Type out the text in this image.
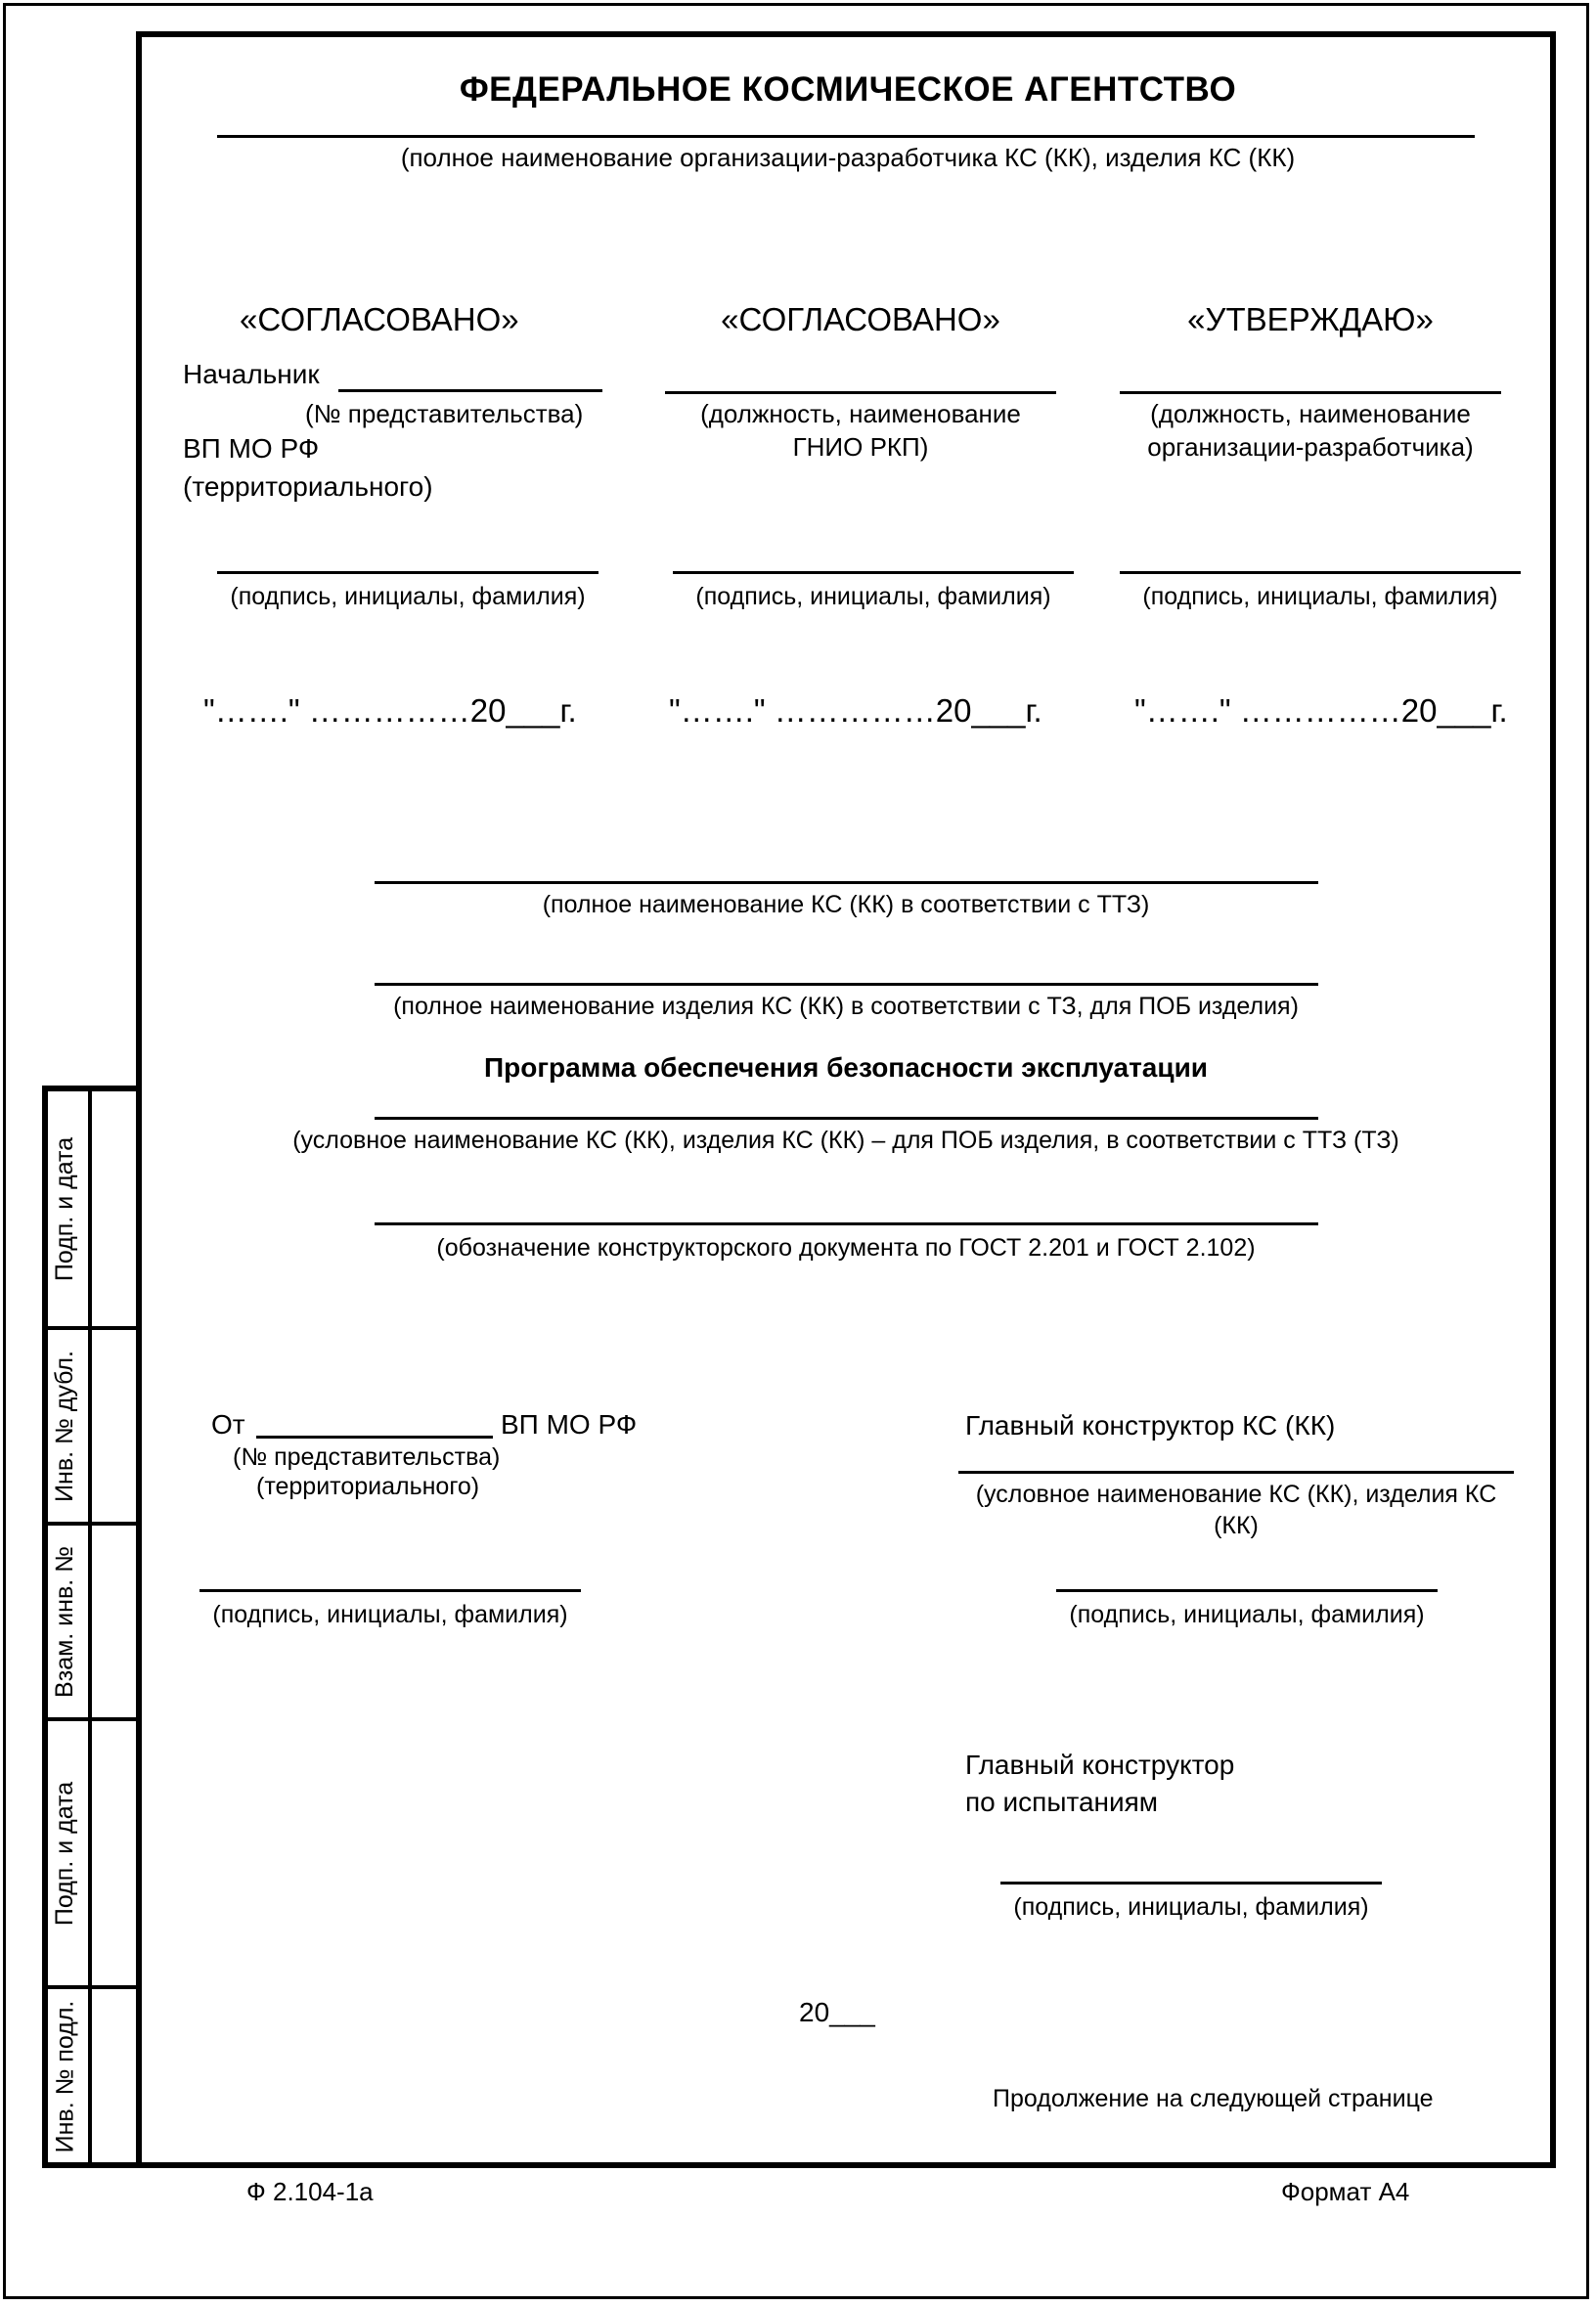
Подп. и дата
Инв. № дубл.
Взам. инв. №
Подп. и дата
Инв. № подл.
ФЕДЕРАЛЬНОЕ КОСМИЧЕСКОЕ АГЕНТСТВО
(полное наименование организации-разработчика КС (КК), изделия КС (КК)
«СОГЛАСОВАНО»
Начальник
(№ представительства)
ВП МО РФ
(территориального)
(подпись, инициалы, фамилия)
"……." ……………20___г.
«СОГЛАСОВАНО»
(должность, наименование
ГНИО РКП)
(подпись, инициалы, фамилия)
"……." ……………20___г.
«УТВЕРЖДАЮ»
(должность, наименование
организации-разработчика)
(подпись, инициалы, фамилия)
"……." ……………20___г.
(полное наименование КС (КК) в соответствии с ТТЗ)
(полное наименование изделия КС (КК) в соответствии с ТЗ, для ПОБ изделия)
Программа обеспечения безопасности эксплуатации
(условное наименование КС (КК), изделия КС (КК) – для ПОБ изделия, в соответствии с ТТЗ (ТЗ)
(обозначение конструкторского документа по ГОСТ 2.201 и ГОСТ 2.102)
От	ВП МО РФ
(№ представительства)
(территориального)
(подпись, инициалы, фамилия)
Главный конструктор КС (КК)
(условное наименование КС (КК), изделия КС
(КК)
(подпись, инициалы, фамилия)
Главный конструктор
по испытаниям
(подпись, инициалы, фамилия)
20___
Продолжение на следующей странице
Ф 2.104-1а	Формат А4
